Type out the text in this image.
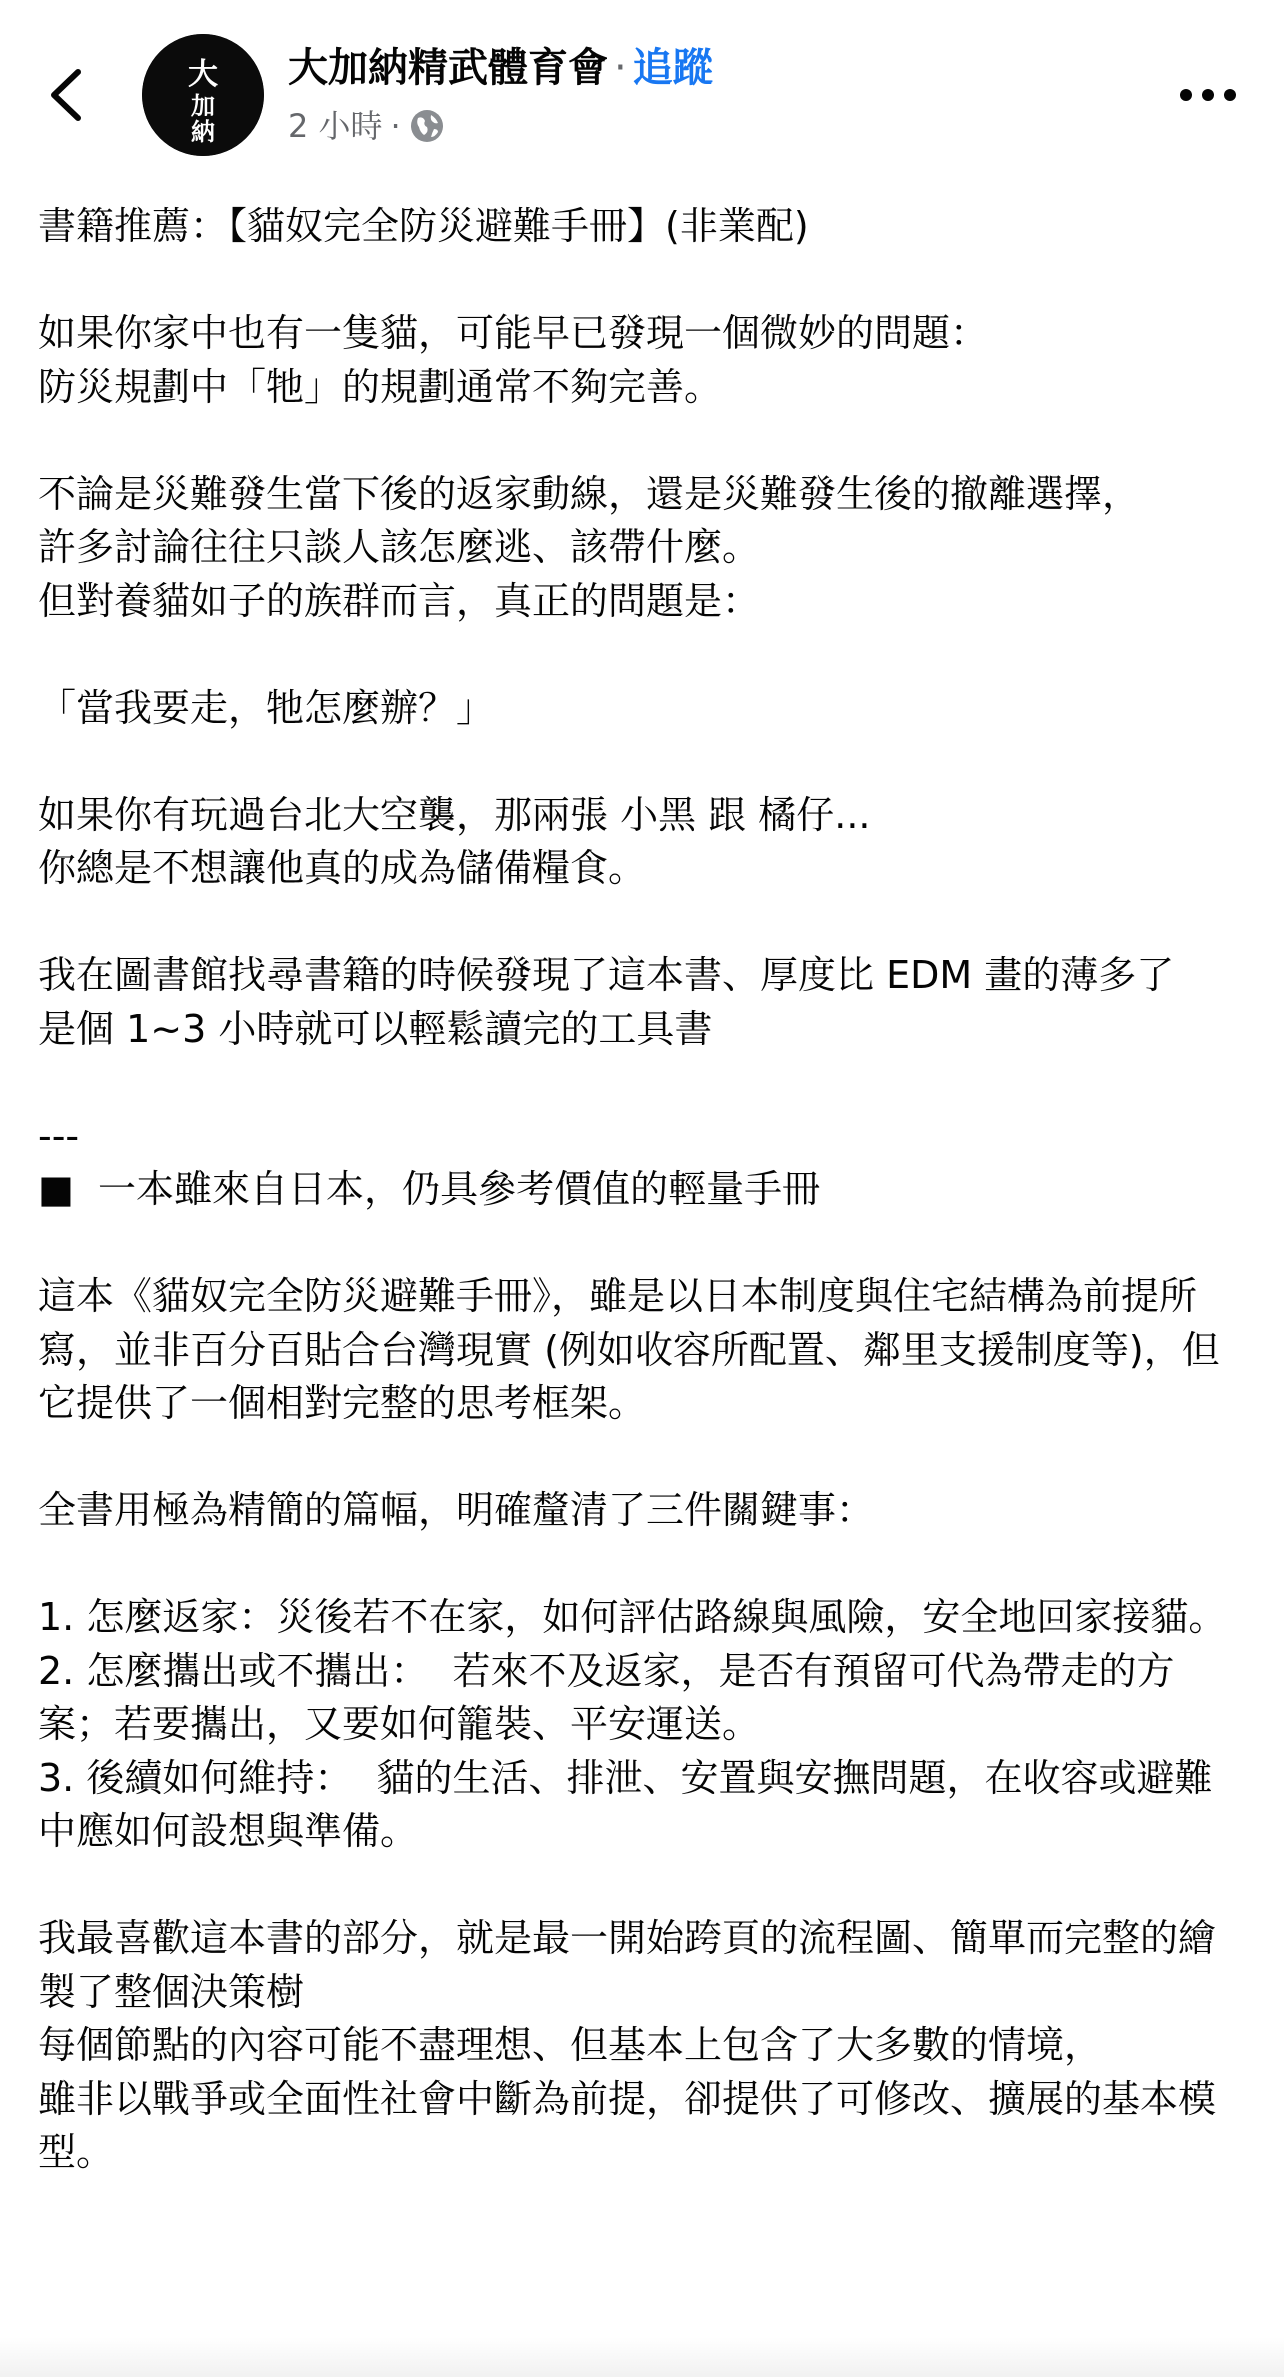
大
加
納
大加納精武體育會 · 追蹤
2 小時 ·
書籍推薦：【貓奴完全防災避難手冊】(非業配)

如果你家中也有一隻貓，可能早已發現一個微妙的問題：
防災規劃中「牠」的規劃通常不夠完善。

不論是災難發生當下後的返家動線，還是災難發生後的撤離選擇，
許多討論往往只談人該怎麼逃、該帶什麼。
但對養貓如子的族群而言，真正的問題是：

「當我要走，牠怎麼辦？」

如果你有玩過台北大空襲，那兩張 小黑 跟 橘仔...
你總是不想讓他真的成為儲備糧食。

我在圖書館找尋書籍的時候發現了這本書、厚度比 EDM 畫的薄多了
是個 1~3 小時就可以輕鬆讀完的工具書

---
■  一本雖來自日本，仍具參考價值的輕量手冊

這本《貓奴完全防災避難手冊》，雖是以日本制度與住宅結構為前提所寫，並非百分百貼合台灣現實 (例如收容所配置、鄰里支援制度等)，但它提供了一個相對完整的思考框架。

全書用極為精簡的篇幅，明確釐清了三件關鍵事：

1. 怎麼返家：災後若不在家，如何評估路線與風險，安全地回家接貓。
2. 怎麼攜出或不攜出：  若來不及返家，是否有預留可代為帶走的方案；若要攜出，又要如何籠裝、平安運送。
3. 後續如何維持：  貓的生活、排泄、安置與安撫問題，在收容或避難中應如何設想與準備。

我最喜歡這本書的部分，就是最一開始跨頁的流程圖、簡單而完整的繪製了整個決策樹
每個節點的內容可能不盡理想、但基本上包含了大多數的情境，
雖非以戰爭或全面性社會中斷為前提，卻提供了可修改、擴展的基本模型。
